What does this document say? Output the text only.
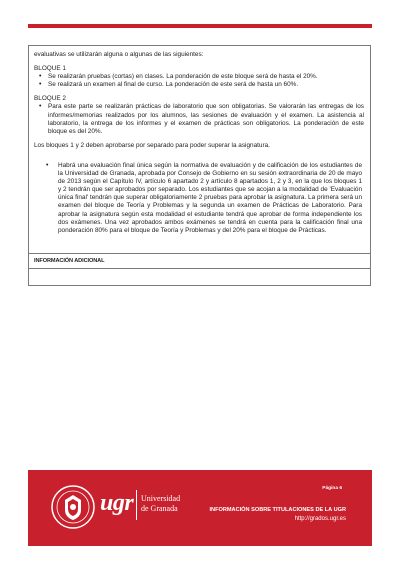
evaluativas se utilizarán alguna o algunas de las siguientes:

BLOQUE 1

• Se realizarán pruebas (cortas) en clases. La ponderación de este bloque será de hasta el 20%.
• Se realizará un examen al final de curso. La ponderación de este será de hasta un 60%.

BLOQUE 2

• Para este parte se realizarán prácticas de laboratorio que son obligatorias. Se valorarán las entregas de los informes/memorias realizados por los alumnos, las sesiones de evaluación y el examen. La asistencia al laboratorio, la entrega de los informes y el examen de prácticas son obligatorios. La ponderación de este bloque es del 20%.

Los bloques 1 y 2 deben aprobarse por separado para poder superar la asignatura.

• Habrá una evaluación final única según la normativa de evaluación y de calificación de los estudiantes de la Universidad de Granada, aprobada por Consejo de Gobierno en su sesión extraordinaria de 20 de mayo de 2013 según el Capítulo IV, artículo 6 apartado 2 y artículo 8 apartados 1, 2 y 3, en la que los bloques 1 y 2 tendrán que ser aprobados por separado. Los estudiantes que se acojan a la modalidad de 'Evaluación única final' tendrán que superar obligatoriamente 2 pruebas para aprobar la asignatura. La primera será un examen del bloque de Teoría y Problemas y la segunda un examen de Prácticas de Laboratorio. Para aprobar la asignatura según esta modalidad el estudiante tendrá que aprobar de forma independiente los dos exámenes. Una vez aprobados ambos exámenes se tendrá en cuenta para la calificación final una ponderación 80% para el bloque de Teoría y Problemas y del 20% para el bloque de Prácticas.
INFORMACIÓN ADICIONAL
ugr Universidad
de Granada
Página 6
INFORMACIÓN SOBRE TITULACIONES DE LA UGR
http://grados.ugr.es
